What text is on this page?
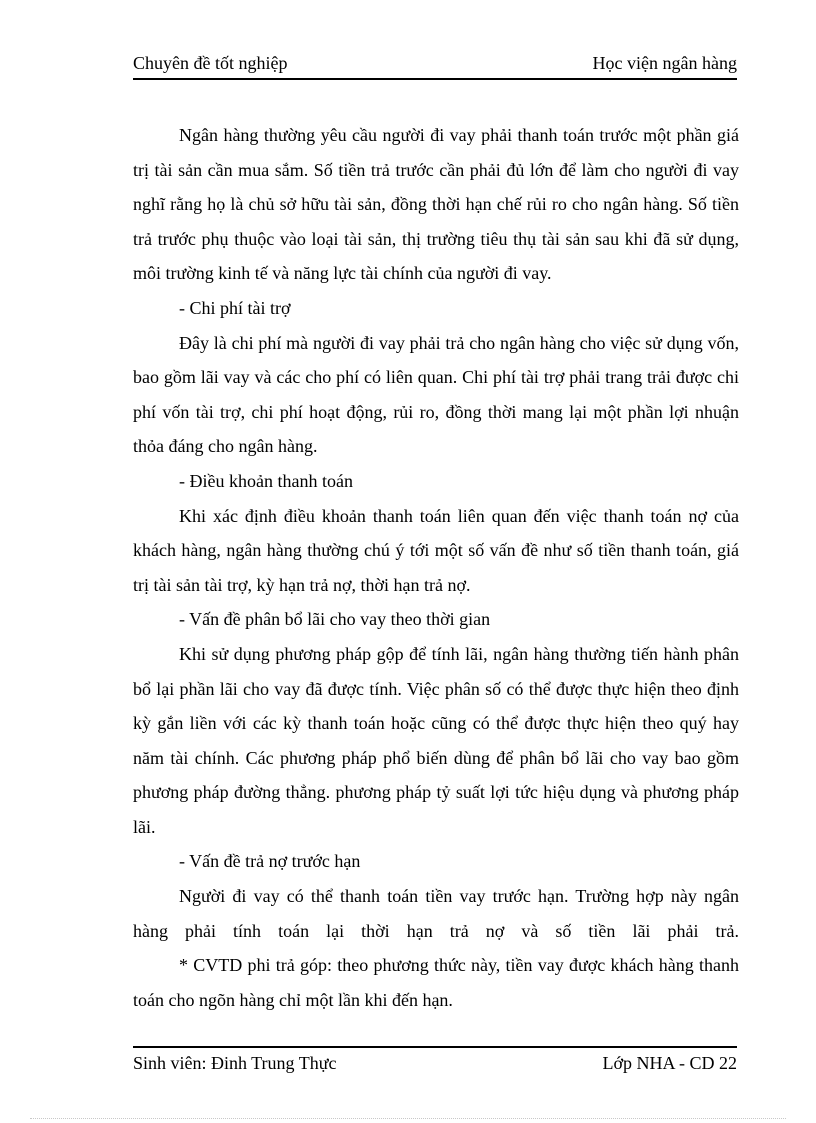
Chuyên đề tốt nghiệp	Học viện ngân hàng

Ngân hàng thường yêu cầu người đi vay phải thanh toán trước một phần giá trị tài sản cần mua sắm. Số tiền trả trước cần phải đủ lớn để làm cho người đi vay nghĩ rằng họ là chủ sở hữu tài sản, đồng thời hạn chế rủi ro cho ngân hàng. Số tiền trả trước phụ thuộc vào loại tài sản, thị trường tiêu thụ tài sản sau khi đã sử dụng, môi trường kinh tế và năng lực tài chính của người đi vay.

- Chi phí tài trợ

Đây là chi phí mà người đi vay phải trả cho ngân hàng cho việc sử dụng vốn, bao gồm lãi vay và các cho phí có liên quan. Chi phí tài trợ phải trang trải được chi phí vốn tài trợ, chi phí hoạt động, rủi ro, đồng thời mang lại một phần lợi nhuận thỏa đáng cho ngân hàng.

- Điều khoản thanh toán

Khi xác định điều khoản thanh toán liên quan đến việc thanh toán nợ của khách hàng, ngân hàng thường chú ý tới một số vấn đề như số tiền thanh toán, giá trị tài sản tài trợ, kỳ hạn trả nợ, thời hạn trả nợ.

- Vấn đề phân bổ lãi cho vay theo thời gian

Khi sử dụng phương pháp gộp để tính lãi, ngân hàng thường tiến hành phân bổ lại phần lãi cho vay đã được tính. Việc phân số có thể được thực hiện theo định kỳ gắn liền với các kỳ thanh toán hoặc cũng có thể được thực hiện theo quý hay năm tài chính. Các phương pháp phổ biến dùng để phân bổ lãi cho vay bao gồm phương pháp đường thẳng. phương pháp tỷ suất lợi tức hiệu dụng và phương pháp lãi.

- Vấn đề trả nợ trước hạn

Người đi vay có thể thanh toán tiền vay trước hạn. Trường hợp này ngân hàng phải tính toán lại thời hạn trả nợ và số tiền lãi phải trả.

* CVTD phi trả góp: theo phương thức này, tiền vay được khách hàng thanh toán cho ngõn hàng chỉ một lần khi đến hạn.

Sinh viên: Đinh Trung Thực	Lớp NHA - CD 22
